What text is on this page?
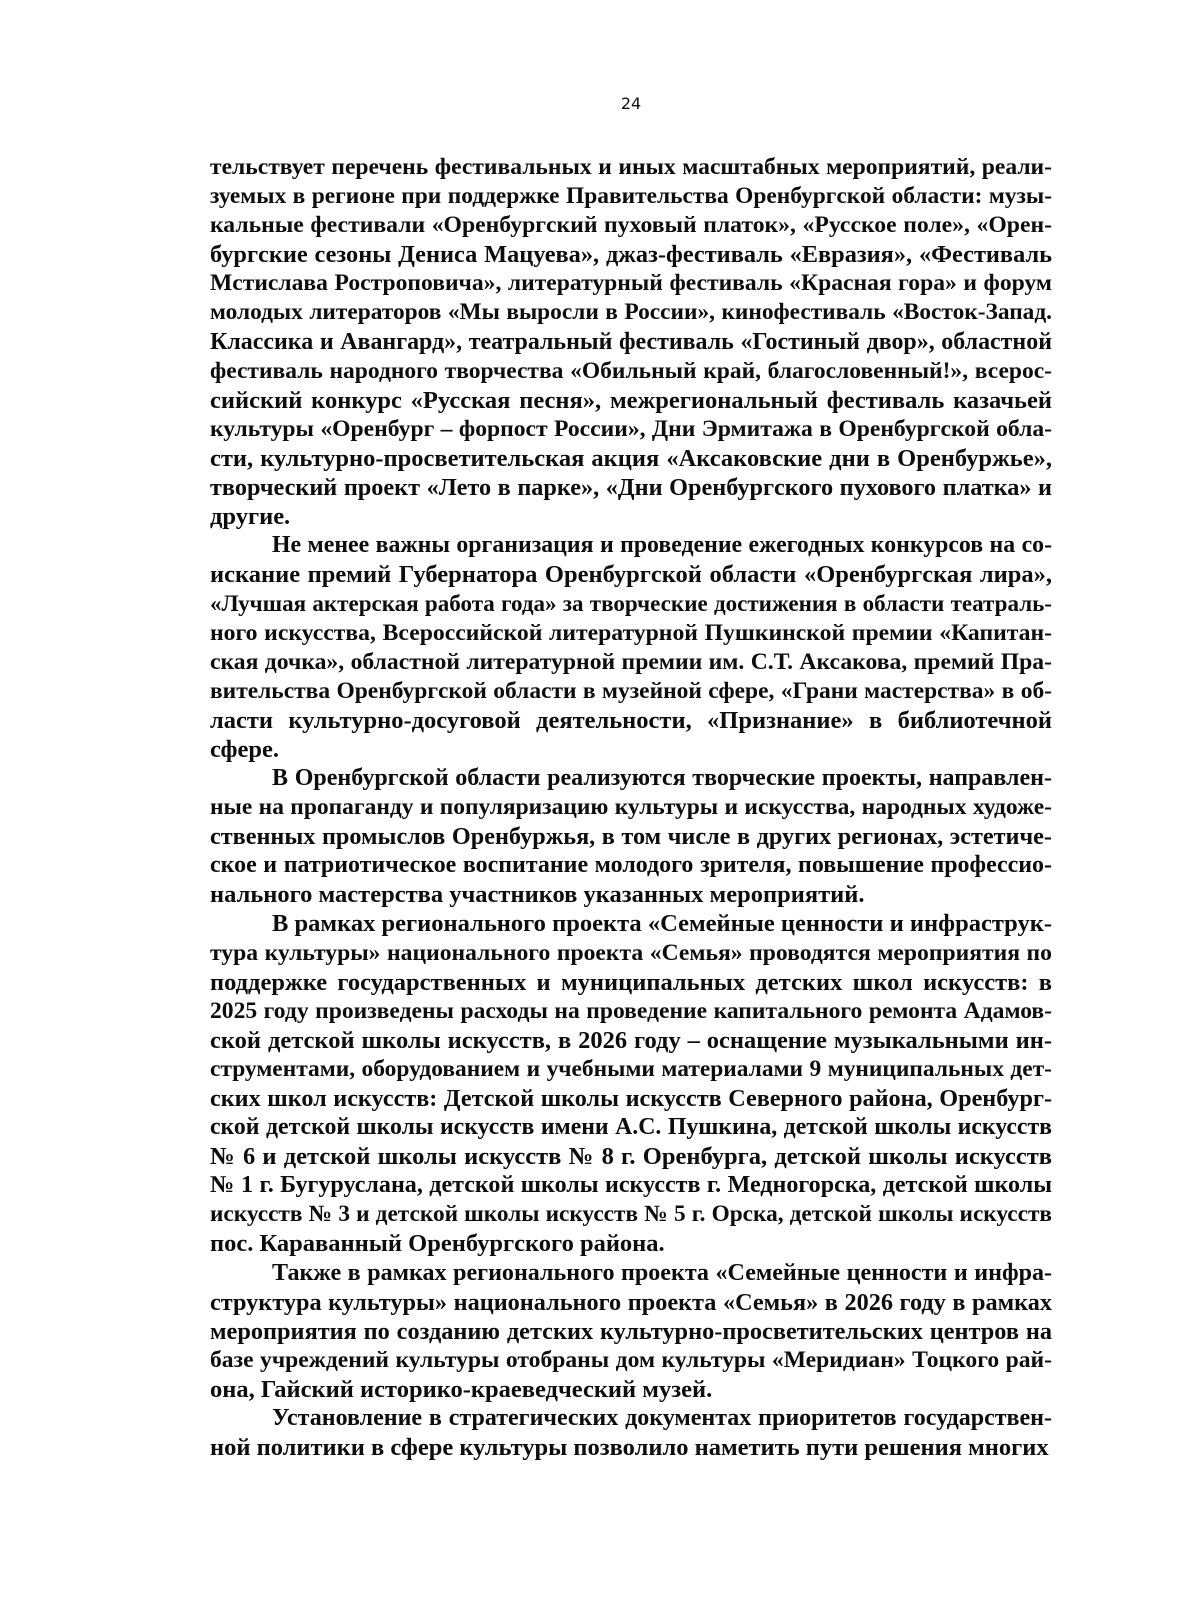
24

тельствует перечень фестивальных и иных масштабных мероприятий, реали-
зуемых в регионе при поддержке Правительства Оренбургской области: музы-
кальные фестивали «Оренбургский пуховый платок», «Русское поле», «Орен-
бургские сезоны Дениса Мацуева», джаз-фестиваль «Евразия», «Фестиваль
Мстислава Ростроповича», литературный фестиваль «Красная гора» и форум
молодых литераторов «Мы выросли в России», кинофестиваль «Восток-Запад.
Классика и Авангард», театральный фестиваль «Гостиный двор», областной
фестиваль народного творчества «Обильный край, благословенный!», всерос-
сийский конкурс «Русская песня», межрегиональный фестиваль казачьей
культуры «Оренбург – форпост России», Дни Эрмитажа в Оренбургской обла-
сти, культурно-просветительская акция «Аксаковские дни в Оренбуржье»,
творческий проект «Лето в парке», «Дни Оренбургского пухового платка» и
другие.

Не менее важны организация и проведение ежегодных конкурсов на со-
искание премий Губернатора Оренбургской области «Оренбургская лира»,
«Лучшая актерская работа года» за творческие достижения в области театраль-
ного искусства, Всероссийской литературной Пушкинской премии «Капитан-
ская дочка», областной литературной премии им. С.Т. Аксакова, премий Пра-
вительства Оренбургской области в музейной сфере, «Грани мастерства» в об-
ласти культурно-досуговой деятельности, «Признание» в библиотечной
сфере.

В Оренбургской области реализуются творческие проекты, направлен-
ные на пропаганду и популяризацию культуры и искусства, народных художе-
ственных промыслов Оренбуржья, в том числе в других регионах, эстетиче-
ское и патриотическое воспитание молодого зрителя, повышение профессио-
нального мастерства участников указанных мероприятий.

В рамках регионального проекта «Семейные ценности и инфраструк-
тура культуры» национального проекта «Семья» проводятся мероприятия по
поддержке государственных и муниципальных детских школ искусств: в
2025 году произведены расходы на проведение капитального ремонта Адамов-
ской детской школы искусств, в 2026 году – оснащение музыкальными ин-
струментами, оборудованием и учебными материалами 9 муниципальных дет-
ских школ искусств: Детской школы искусств Северного района, Оренбург-
ской детской школы искусств имени А.С. Пушкина, детской школы искусств
№ 6 и детской школы искусств № 8 г. Оренбурга, детской школы искусств
№ 1 г. Бугуруслана, детской школы искусств г. Медногорска, детской школы
искусств № 3 и детской школы искусств № 5 г. Орска, детской школы искусств
пос. Караванный Оренбургского района.

Также в рамках регионального проекта «Семейные ценности и инфра-
структура культуры» национального проекта «Семья» в 2026 году в рамках
мероприятия по созданию детских культурно-просветительских центров на
базе учреждений культуры отобраны дом культуры «Меридиан» Тоцкого рай-
она, Гайский историко-краеведческий музей.

Установление в стратегических документах приоритетов государствен-
ной политики в сфере культуры позволило наметить пути решения многих
